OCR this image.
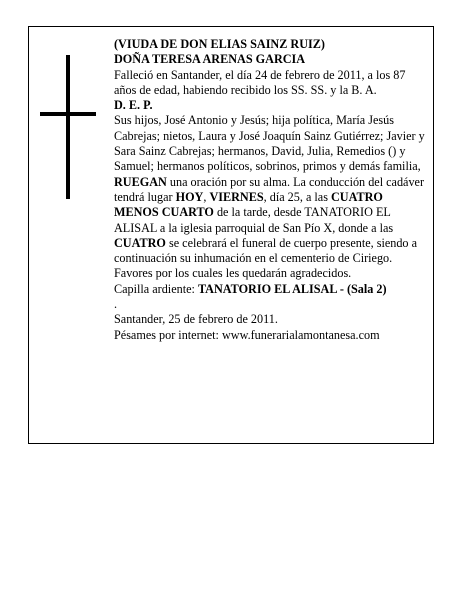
(VIUDA DE DON ELIAS SAINZ RUIZ)

DOÑA TERESA ARENAS GARCIA

Falleció en Santander, el día 24 de febrero de 2011, a los 87 años de edad, habiendo recibido los SS. SS. y la B. A.

D. E. P.

Sus hijos, José Antonio y Jesús; hija política, María Jesús Cabrejas; nietos, Laura y José Joaquín Sainz Gutiérrez; Javier y Sara Sainz Cabrejas; hermanos, David, Julia, Remedios () y Samuel; hermanos políticos, sobrinos, primos y demás familia,
RUEGAN una oración por su alma. La conducción del cadáver tendrá lugar HOY, VIERNES, día 25, a las CUATRO MENOS CUARTO de la tarde, desde TANATORIO EL ALISAL a la iglesia parroquial de San Pío X, donde a las CUATRO se celebrará el funeral de cuerpo presente, siendo a continuación su inhumación en el cementerio de Ciriego. Favores por los cuales les quedarán agradecidos.

Capilla ardiente: TANATORIO EL ALISAL - (Sala 2)
.

Santander, 25 de febrero de 2011.

Pésames por internet: www.funerarialamontanesa.com
